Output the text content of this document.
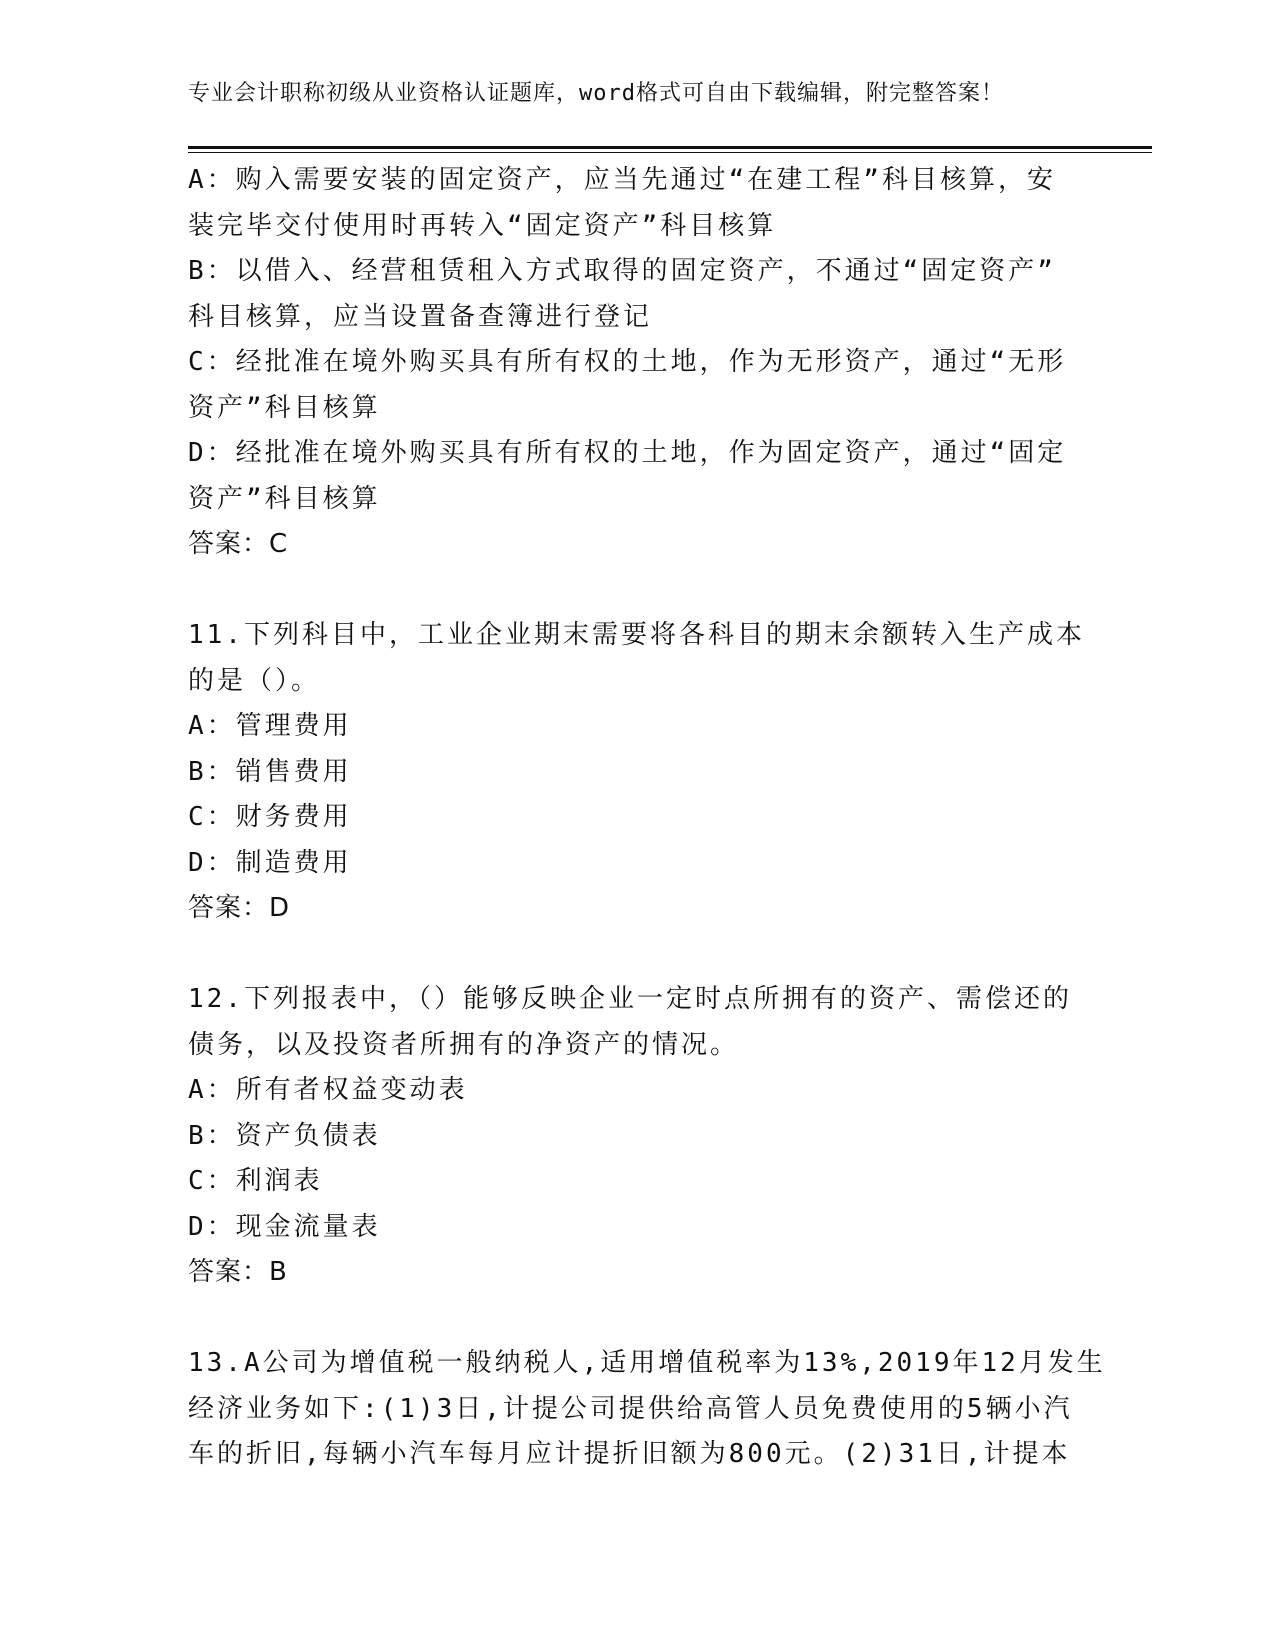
专业会计职称初级从业资格认证题库，word格式可自由下载编辑，附完整答案！
A：购入需要安装的固定资产，应当先通过“在建工程”科目核算，安
装完毕交付使用时再转入“固定资产”科目核算
B：以借入、经营租赁租入方式取得的固定资产，不通过“固定资产”
科目核算，应当设置备查簿进行登记
C：经批准在境外购买具有所有权的土地，作为无形资产，通过“无形
资产”科目核算
D：经批准在境外购买具有所有权的土地，作为固定资产，通过“固定
资产”科目核算
答案：C
11.下列科目中，工业企业期末需要将各科目的期末余额转入生产成本
的是（）。
A：管理费用
B：销售费用
C：财务费用
D：制造费用
答案：D
12.下列报表中，（）能够反映企业一定时点所拥有的资产、需偿还的
债务，以及投资者所拥有的净资产的情况。
A：所有者权益变动表
B：资产负债表
C：利润表
D：现金流量表
答案：B
13.A公司为增值税一般纳税人,适用增值税率为13%,2019年12月发生
经济业务如下:(1)3日,计提公司提供给高管人员免费使用的5辆小汽
车的折旧,每辆小汽车每月应计提折旧额为800元。(2)31日,计提本
